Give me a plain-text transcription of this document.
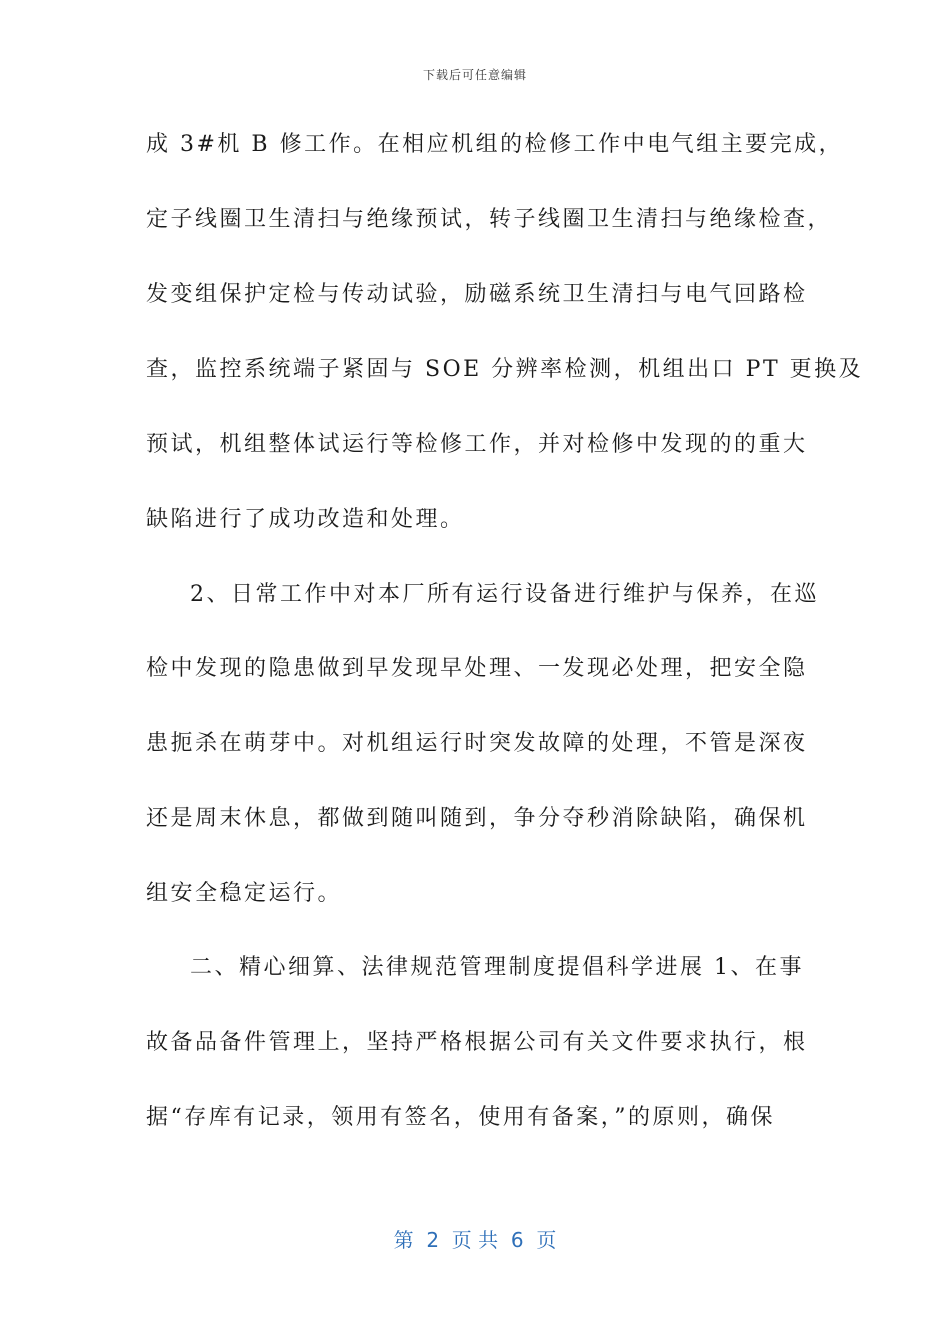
下载后可任意编辑
成 3#机 B 修工作。在相应机组的检修工作中电气组主要完成，
定子线圈卫生清扫与绝缘预试，转子线圈卫生清扫与绝缘检查，
发变组保护定检与传动试验，励磁系统卫生清扫与电气回路检
查，监控系统端子紧固与 SOE 分辨率检测，机组出口 PT 更换及
预试，机组整体试运行等检修工作，并对检修中发现的的重大
缺陷进行了成功改造和处理。
2、日常工作中对本厂所有运行设备进行维护与保养，在巡
检中发现的隐患做到早发现早处理、一发现必处理，把安全隐
患扼杀在萌芽中。对机组运行时突发故障的处理，不管是深夜
还是周末休息，都做到随叫随到，争分夺秒消除缺陷，确保机
组安全稳定运行。
二、精心细算、法律规范管理制度提倡科学进展 1、在事
故备品备件管理上，坚持严格根据公司有关文件要求执行，根
据“存库有记录，领用有签名，使用有备案，”的原则，确保
第  2  页 共  6  页
